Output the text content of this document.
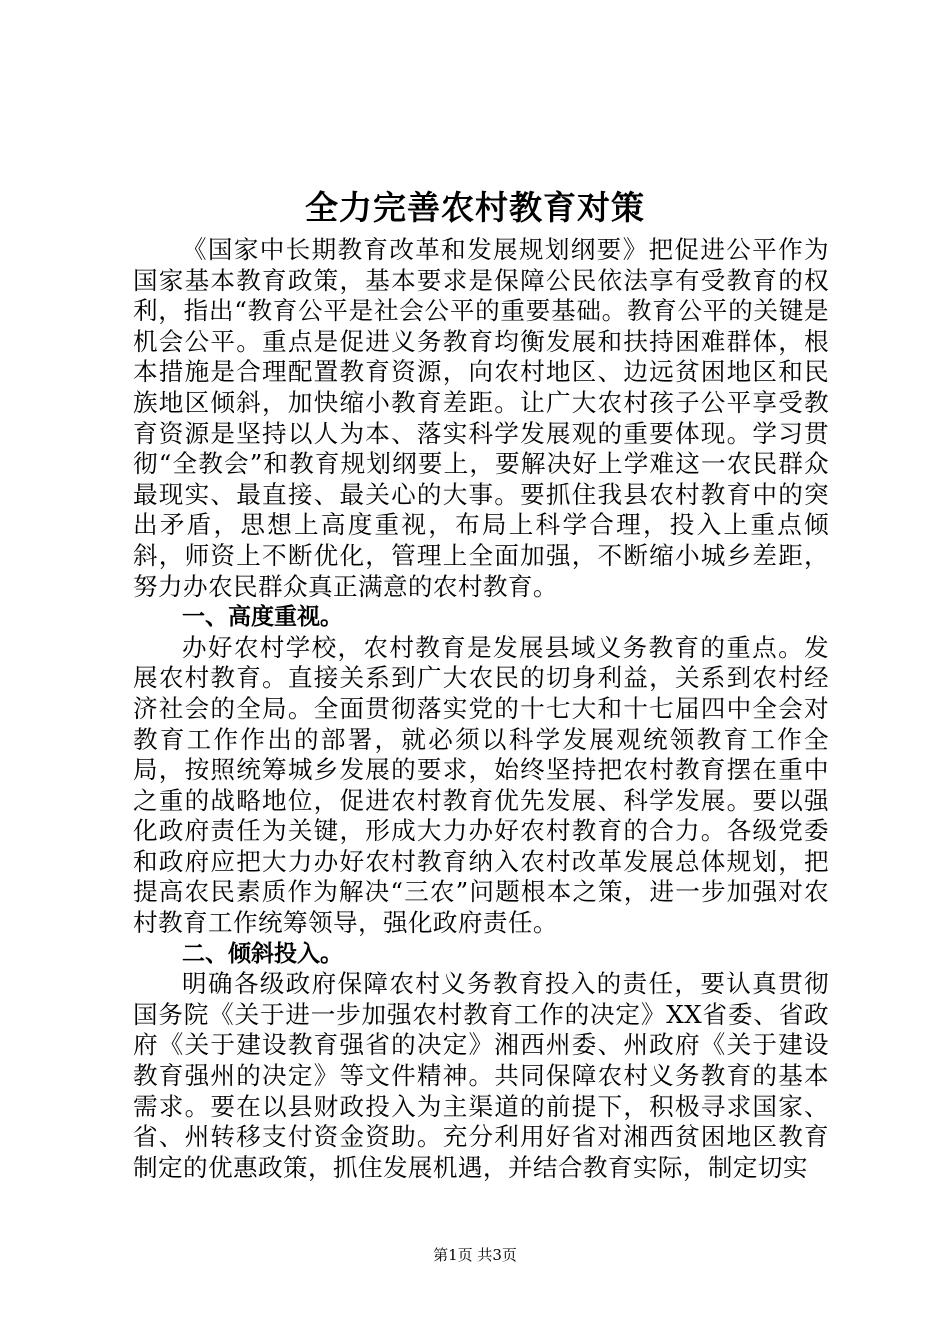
全力完善农村教育对策

《国家中长期教育改革和发展规划纲要》把促进公平作为国家基本教育政策，基本要求是保障公民依法享有受教育的权利，指出“教育公平是社会公平的重要基础。教育公平的关键是机会公平。重点是促进义务教育均衡发展和扶持困难群体，根本措施是合理配置教育资源，向农村地区、边远贫困地区和民族地区倾斜，加快缩小教育差距。让广大农村孩子公平享受教育资源是坚持以人为本、落实科学发展观的重要体现。学习贯彻“全教会”和教育规划纲要上，要解决好上学难这一农民群众最现实、最直接、最关心的大事。要抓住我县农村教育中的突出矛盾，思想上高度重视，布局上科学合理，投入上重点倾斜，师资上不断优化，管理上全面加强，不断缩小城乡差距，努力办农民群众真正满意的农村教育。

一、高度重视。

办好农村学校，农村教育是发展县域义务教育的重点。发展农村教育。直接关系到广大农民的切身利益，关系到农村经济社会的全局。全面贯彻落实党的十七大和十七届四中全会对教育工作作出的部署，就必须以科学发展观统领教育工作全局，按照统筹城乡发展的要求，始终坚持把农村教育摆在重中之重的战略地位，促进农村教育优先发展、科学发展。要以强化政府责任为关键，形成大力办好农村教育的合力。各级党委和政府应把大力办好农村教育纳入农村改革发展总体规划，把提高农民素质作为解决“三农”问题根本之策，进一步加强对农村教育工作统筹领导，强化政府责任。

二、倾斜投入。

明确各级政府保障农村义务教育投入的责任，要认真贯彻国务院《关于进一步加强农村教育工作的决定》XX省委、省政府《关于建设教育强省的决定》湘西州委、州政府《关于建设教育强州的决定》等文件精神。共同保障农村义务教育的基本需求。要在以县财政投入为主渠道的前提下，积极寻求国家、省、州转移支付资金资助。充分利用好省对湘西贫困地区教育制定的优惠政策，抓住发展机遇，并结合教育实际，制定切实

第1页 共3页
